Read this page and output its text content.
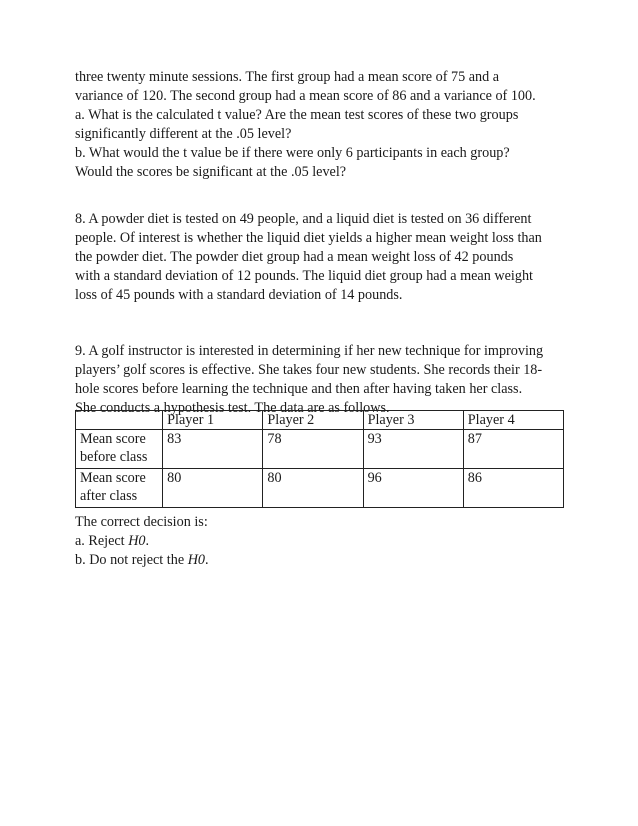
three twenty minute sessions. The first group had a mean score of 75 and a
variance of 120. The second group had a mean score of 86 and a variance of 100.
a. What is the calculated t value? Are the mean test scores of these two groups
significantly different at the .05 level?
b. What would the t value be if there were only 6 participants in each group?
Would the scores be significant at the .05 level?
8. A powder diet is tested on 49 people, and a liquid diet is tested on 36 different
people. Of interest is whether the liquid diet yields a higher mean weight loss than
the powder diet. The powder diet group had a mean weight loss of 42 pounds
with a standard deviation of 12 pounds. The liquid diet group had a mean weight
loss of 45 pounds with a standard deviation of 14 pounds.
9. A golf instructor is interested in determining if her new technique for improving
players’ golf scores is effective. She takes four new students. She records their 18-
hole scores before learning the technique and then after having taken her class.
She conducts a hypothesis test. The data are as follows.
	Player 1	Player 2	Player 3	Player 4

Mean score
before class	83	78	93	87

Mean score
after class	80	80	96	86
The correct decision is:
a. Reject H0.
b. Do not reject the H0.
